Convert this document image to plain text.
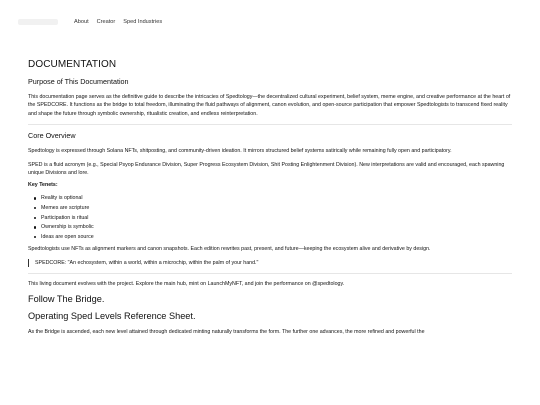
About Creator Sped Industries
DOCUMENTATION
Purpose of This Documentation

This documentation page serves as the definitive guide to describe the intricacies of Spedtology—the decentralized cultural experiment, belief system, meme engine, and creative performance at the heart of the SPEDCORE. It functions as the bridge to total freedom, illuminating the fluid pathways of alignment, canon evolution, and open-source participation that empower Spedtologists to transcend fixed reality and shape the future through symbolic ownership, ritualistic creation, and endless reinterpretation.

Core Overview

Spedtology is expressed through Solana NFTs, shitposting, and community-driven ideation. It mirrors structured belief systems satirically while remaining fully open and participatory.

SPED is a fluid acronym (e.g., Special Psyop Endurance Division, Super Progress Ecosystem Division, Shit Posting Enlightenment Division). New interpretations are valid and encouraged, each spawning unique Divisions and lore.

Key Tenets:
Reality is optional
Memes are scripture
Participation is ritual
Ownership is symbolic
Ideas are open source

Spedtologists use NFTs as alignment markers and canon snapshots. Each edition rewrites past, present, and future—keeping the ecosystem alive and derivative by design.

SPEDCORE: "An echosystem, within a world, within a microchip, within the palm of your hand."

This living document evolves with the project. Explore the main hub, mint on LaunchMyNFT, and join the performance on @spedtology.

Follow The Bridge.
Operating Sped Levels Reference Sheet.

As the Bridge is ascended, each new level attained through dedicated minting naturally transforms the form. The further one advances, the more refined and powerful the
